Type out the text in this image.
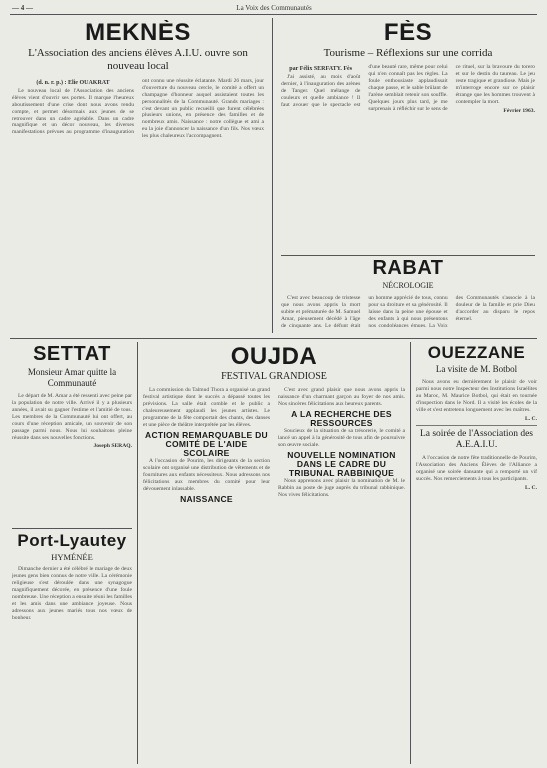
— 4 —	La Voix des Communautés
MEKNÈS
L'Association des anciens élèves A.I.U. ouvre son nouveau local
(d. n. r. p.) : Elie OUAKRAT

Le nouveau local de l'Association des anciens élèves vient d'ouvrir ses portes. Il marque l'heureux aboutissement d'une crise dont nous avons rendu compte, et permet désormais aux jeunes de se retrouver dans un cadre agréable. Dans un cadre magnifique et un décor nouveau, les diverses manifestations prévues au programme d'inauguration ont connu une réussite éclatante. Mardi 26 mars, jour d'ouverture du nouveau cercle, le comité a offert un champagne d'honneur auquel assistaient toutes les personnalités de la Communauté. Grands mariages : c'est devant un public recueilli que furent célébrées plusieurs unions, en présence des familles et de nombreux amis. Naissance : notre collègue et ami a eu la joie d'annoncer la naissance d'un fils. Nos vœux les plus chaleureux l'accompagnent.

FÈS
Tourisme – Réflexions sur une corrida
par Félix SERFATY. Fès

J'ai assisté, au mois d'août dernier, à l'inauguration des arènes de Tanger. Quel mélange de couleurs et quelle ambiance ! Il faut avouer que le spectacle est d'une beauté rare, même pour celui qui n'en connaît pas les règles. La foule enthousiaste applaudissait chaque passe, et le sable brûlant de l'arène semblait retenir son souffle. Quelques jours plus tard, je me surprenais à réfléchir sur le sens de ce rituel, sur la bravoure du torero et sur le destin du taureau. Le jeu reste tragique et grandiose. Mais je m'interroge encore sur ce plaisir étrange que les hommes trouvent à contempler la mort.

Février 1963.
RABAT
NÉCROLOGIE

C'est avec beaucoup de tristesse que nous avons appris la mort subite et prématurée de M. Samuel Amar, pieusement décédé à l'âge de cinquante ans. Le défunt était un homme apprécié de tous, connu pour sa droiture et sa générosité. Il laisse dans la peine une épouse et des enfants à qui nous présentons nos condoléances émues. La Voix des Communautés s'associe à la douleur de la famille et prie Dieu d'accorder au disparu le repos éternel.

SETTAT
Monsieur Amar quitte la Communauté

Le départ de M. Amar a été ressenti avec peine par la population de notre ville. Arrivé il y a plusieurs années, il avait su gagner l'estime et l'amitié de tous. Les membres de la Communauté lui ont offert, au cours d'une réception amicale, un souvenir de son passage parmi nous. Nous lui souhaitons pleine réussite dans ses nouvelles fonctions.

Joseph SERAQ.
Port-Lyautey
HYMÉNÉE

Dimanche dernier a été célébré le mariage de deux jeunes gens bien connus de notre ville. La cérémonie religieuse s'est déroulée dans une synagogue magnifiquement décorée, en présence d'une foule nombreuse. Une réception a ensuite réuni les familles et les amis dans une ambiance joyeuse. Nous adressons aux jeunes mariés tous nos vœux de bonheur.

OUJDA
FESTIVAL GRANDIOSE

La commission du Talmud Thora a organisé un grand festival artistique dont le succès a dépassé toutes les prévisions. La salle était comble et le public a chaleureusement applaudi les jeunes artistes. Le programme de la fête comportait des chants, des danses et une pièce de théâtre interprétée par les élèves.

ACTION REMARQUABLE DU COMITÉ DE L'AIDE SCOLAIRE

A l'occasion de Pourim, les dirigeants de la section scolaire ont organisé une distribution de vêtements et de fournitures aux enfants nécessiteux. Nous adressons nos félicitations aux membres du comité pour leur dévouement inlassable.

NAISSANCE

C'est avec grand plaisir que nous avons appris la naissance d'un charmant garçon au foyer de nos amis. Nos sincères félicitations aux heureux parents.

A LA RECHERCHE DES RESSOURCES

Soucieux de la situation de sa trésorerie, le comité a lancé un appel à la générosité de tous afin de poursuivre son œuvre sociale.

NOUVELLE NOMINATION DANS LE CADRE DU TRIBUNAL RABBINIQUE

Nous apprenons avec plaisir la nomination de M. le Rabbin au poste de juge auprès du tribunal rabbinique. Nos vives félicitations.

OUEZZANE
La visite de M. Botbol

Nous avons eu dernièrement le plaisir de voir parmi nous notre Inspecteur des Institutions Israélites au Maroc, M. Maurice Botbol, qui était en tournée d'inspection dans le Nord. Il a visité les écoles de la ville et s'est entretenu longuement avec les maîtres.

L. C.
La soirée de l'Association des A.E.A.I.U.

A l'occasion de notre fête traditionnelle de Pourim, l'Association des Anciens Élèves de l'Alliance a organisé une soirée dansante qui a remporté un vif succès. Nos remerciements à tous les participants.

L. C.
